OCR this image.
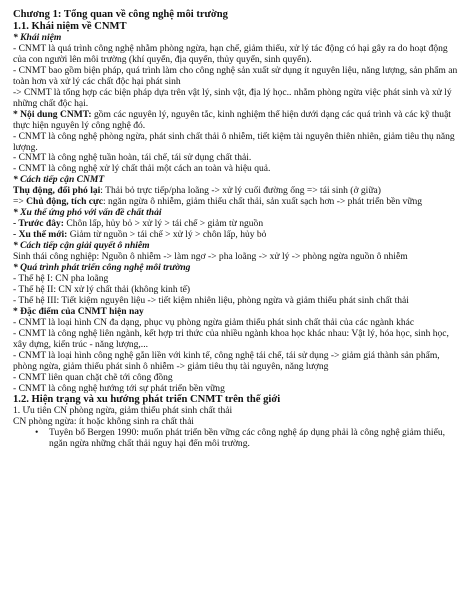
Chương 1: Tổng quan về công nghệ môi trường
1.1. Khái niệm về CNMT
* Khái niệm
- CNMT là quá trình công nghệ nhằm phòng ngừa, hạn chế, giảm thiểu, xử lý tác động có hại gây ra do hoạt động của con người lên môi trường (khí quyển, địa quyển, thủy quyển, sinh quyển).
- CNMT bao gồm biện pháp, quá trình làm cho công nghệ sản xuất sử dụng ít nguyên liệu, năng lượng, sản phẩm an toàn hơn và xử lý các chất độc hại phát sinh
-> CNMT là tổng hợp các biện pháp dựa trên vật lý, sinh vật, địa lý học.. nhằm phòng ngừa việc phát sinh và xử lý những chất độc hại.
* Nội dung CNMT: gồm các nguyên lý, nguyên tắc, kinh nghiệm thể hiện dưới dạng các quá trình và các kỹ thuật thực hiện nguyên lý công nghệ đó.
- CNMT là công nghệ phòng ngừa, phát sinh chất thải ô nhiễm, tiết kiệm tài nguyên thiên nhiên, giảm tiêu thụ năng lượng.
- CNMT là công nghệ tuần hoàn, tái chế, tái sử dụng chất thải.
- CNMT là công nghệ xử lý chất thải một cách an toàn và hiệu quả.
* Cách tiếp cận CNMT
Thụ động, đối phó lại: Thải bỏ trực tiếp/pha loãng -> xử lý cuối đường ống => tái sinh (ở giữa)
=> Chủ động, tích cực: ngăn ngừa ô nhiễm, giảm thiểu chất thải, sản xuất sạch hơn -> phát triển bền vững
* Xu thế ứng phó với vấn đề chất thải
- Trước đây: Chôn lấp, hủy bỏ > xử lý > tái chế > giảm từ nguồn
- Xu thế mới: Giảm từ nguồn > tái chế > xử lý > chôn lấp, hủy bỏ
* Cách tiếp cận giải quyết ô nhiễm
Sinh thái công nghiệp: Nguồn ô nhiễm -> làm ngơ -> pha loãng -> xử lý -> phòng ngừa nguồn ô nhiễm
* Quá trình phát triển công nghệ môi trường
- Thế hệ I: CN pha loãng
- Thế hệ II: CN xử lý chất thải (không kinh tế)
- Thế hệ III: Tiết kiệm nguyên liệu -> tiết kiệm nhiên liệu, phòng ngừa và giảm thiểu phát sinh chất thải
* Đặc điểm của CNMT hiện nay
- CNMT là loại hình CN đa dạng, phục vụ phòng ngừa giảm thiểu phát sinh chất thải của các ngành khác
- CNMT là công nghệ liên ngành, kết hợp tri thức của nhiều ngành khoa học khác nhau: Vật lý, hóa học, sinh học, xây dựng, kiến trúc - năng lượng,...
- CNMT là loại hình công nghệ gắn liền với kinh tế, công nghệ tái chế, tái sử dụng -> giảm giá thành sản phẩm, phòng ngừa, giảm thiểu phát sinh ô nhiễm -> giảm tiêu thụ tài nguyên, năng lượng
- CNMT liên quan chặt chẽ tới công đồng
- CNMT là công nghệ hướng tới sự phát triển bền vững
1.2. Hiện trạng và xu hướng phát triển CNMT trên thế giới
1. Ưu tiên CN phòng ngừa, giảm thiểu phát sinh chất thải
CN phòng ngừa: ít hoặc không sinh ra chất thải
•	Tuyên bố Bergen 1990: muốn phát triển bền vững các công nghệ áp dụng phải là công nghệ giảm thiểu, ngăn ngừa những chất thải nguy hại đến môi trường.
